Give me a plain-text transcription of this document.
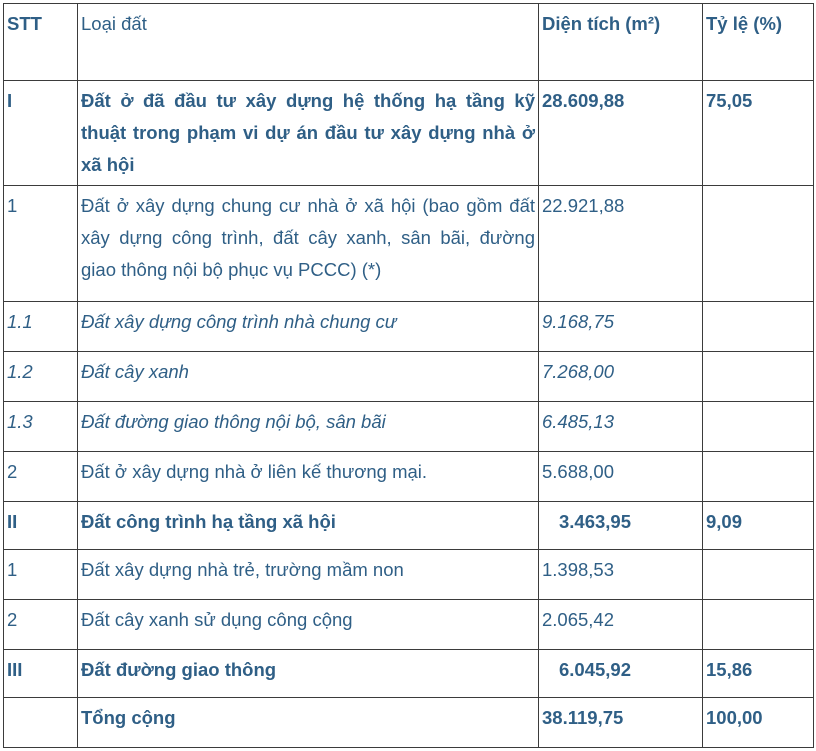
STT	Loại đất	Diện tích (m²)	Tỷ lệ (%)
I	Đất ở đã đầu tư xây dựng hệ thống hạ tầng kỹ thuật trong phạm vi dự án đầu tư xây dựng nhà ở xã hội	28.609,88	75,05
1	Đất ở xây dựng chung cư nhà ở xã hội (bao gồm đất xây dựng công trình, đất cây xanh, sân bãi, đường giao thông nội bộ phục vụ PCCC) (*)	22.921,88	
1.1	Đất xây dựng công trình nhà chung cư	9.168,75	
1.2	Đất cây xanh	7.268,00	
1.3	Đất đường giao thông nội bộ, sân bãi	6.485,13	
2	Đất ở xây dựng nhà ở liên kế thương mại.	5.688,00	
II	Đất công trình hạ tầng xã hội	3.463,95	9,09
1	Đất xây dựng nhà trẻ, trường mầm non	1.398,53	
2	Đất cây xanh sử dụng công cộng	2.065,42	
III	Đất đường giao thông	6.045,92	15,86
	Tổng cộng	38.119,75	100,00
